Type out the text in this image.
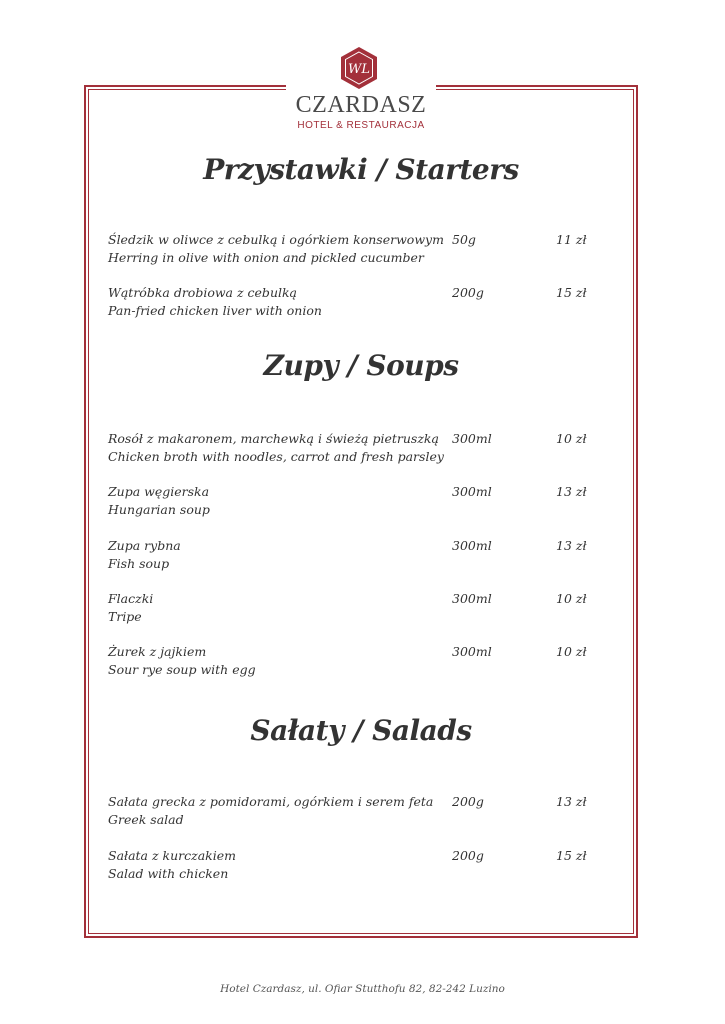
WL
CZARDASZ
HOTEL & RESTAURACJA
Przystawki / Starters
Śledzik w oliwce z cebulką i ogórkiem konserwowym
Herring in olive with onion and pickled cucumber
50g	11 zł
Wątróbka drobiowa z cebulką
Pan-fried chicken liver with onion
200g	15 zł
Zupy / Soups
Rosół z makaronem, marchewką i świeżą pietruszką
Chicken broth with noodles, carrot and fresh parsley
300ml	10 zł
Zupa węgierska
Hungarian soup
300ml	13 zł
Zupa rybna
Fish soup
300ml	13 zł
Flaczki
Tripe
300ml	10 zł
Żurek z jajkiem
Sour rye soup with egg
300ml	10 zł
Sałaty / Salads
Sałata grecka z pomidorami, ogórkiem i serem feta
Greek salad
200g	13 zł
Sałata z kurczakiem
Salad with chicken
200g	15 zł
Hotel Czardasz, ul. Ofiar Stutthofu 82, 82-242 Luzino
